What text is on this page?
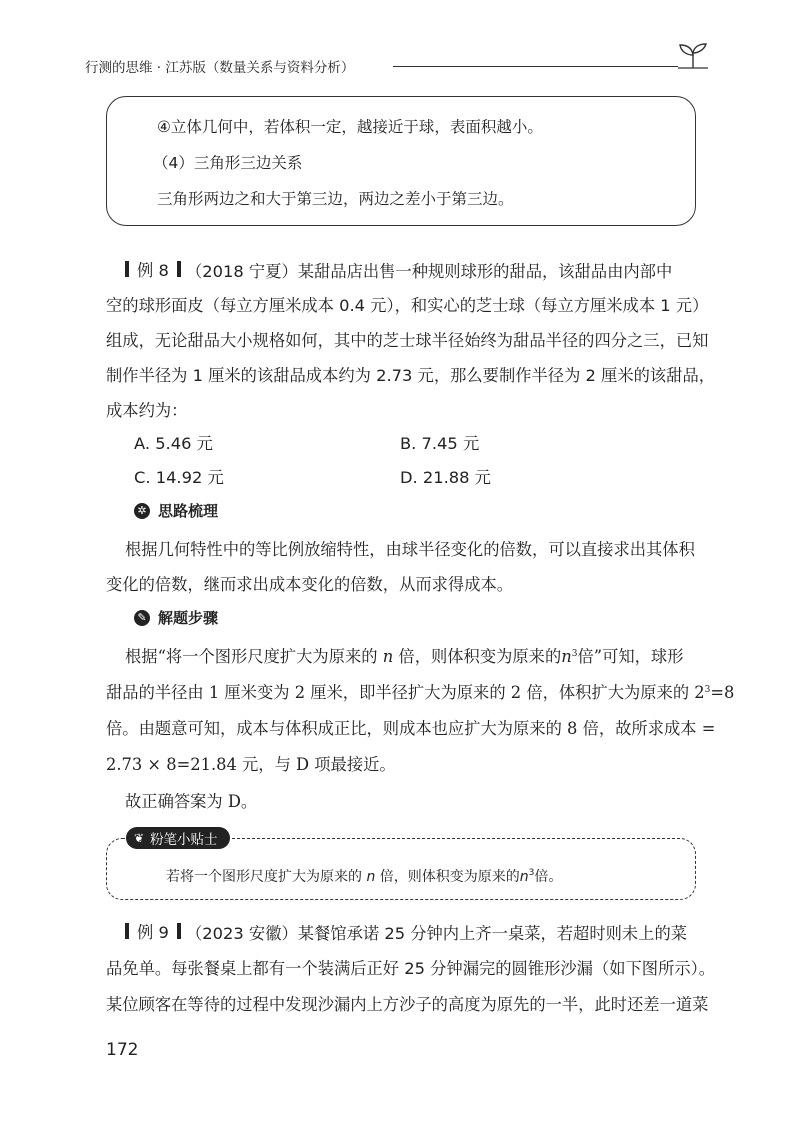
行测的思维 · 江苏版（数量关系与资料分析）
④立体几何中，若体积一定，越接近于球，表面积越小。
（4）三角形三边关系
三角形两边之和大于第三边，两边之差小于第三边。
例 8 （2018 宁夏）某甜品店出售一种规则球形的甜品，该甜品由内部中
空的球形面皮（每立方厘米成本 0.4 元），和实心的芝士球（每立方厘米成本 1 元）
组成，无论甜品大小规格如何，其中的芝士球半径始终为甜品半径的四分之三，已知
制作半径为 1 厘米的该甜品成本约为 2.73 元，那么要制作半径为 2 厘米的该甜品，
成本约为：
A. 5.46 元	B. 7.45 元
C. 14.92 元	D. 21.88 元
✲ 思路梳理
根据几何特性中的等比例放缩特性，由球半径变化的倍数，可以直接求出其体积
变化的倍数，继而求出成本变化的倍数，从而求得成本。
✎ 解题步骤
根据“将一个图形尺度扩大为原来的 n 倍，则体积变为原来的$n^3$倍”可知，球形
甜品的半径由 1 厘米变为 2 厘米，即半径扩大为原来的 2 倍，体积扩大为原来的 $2^3=8$
倍。由题意可知，成本与体积成正比，则成本也应扩大为原来的 8 倍，故所求成本 =
2.73 × 8=21.84 元，与 D 项最接近。
故正确答案为 D。
❦ 粉笔小贴士
若将一个图形尺度扩大为原来的 n 倍，则体积变为原来的$n^3$倍。
例 9 （2023 安徽）某餐馆承诺 25 分钟内上齐一桌菜，若超时则未上的菜
品免单。每张餐桌上都有一个装满后正好 25 分钟漏完的圆锥形沙漏（如下图所示）。
某位顾客在等待的过程中发现沙漏内上方沙子的高度为原先的一半，此时还差一道菜
172
